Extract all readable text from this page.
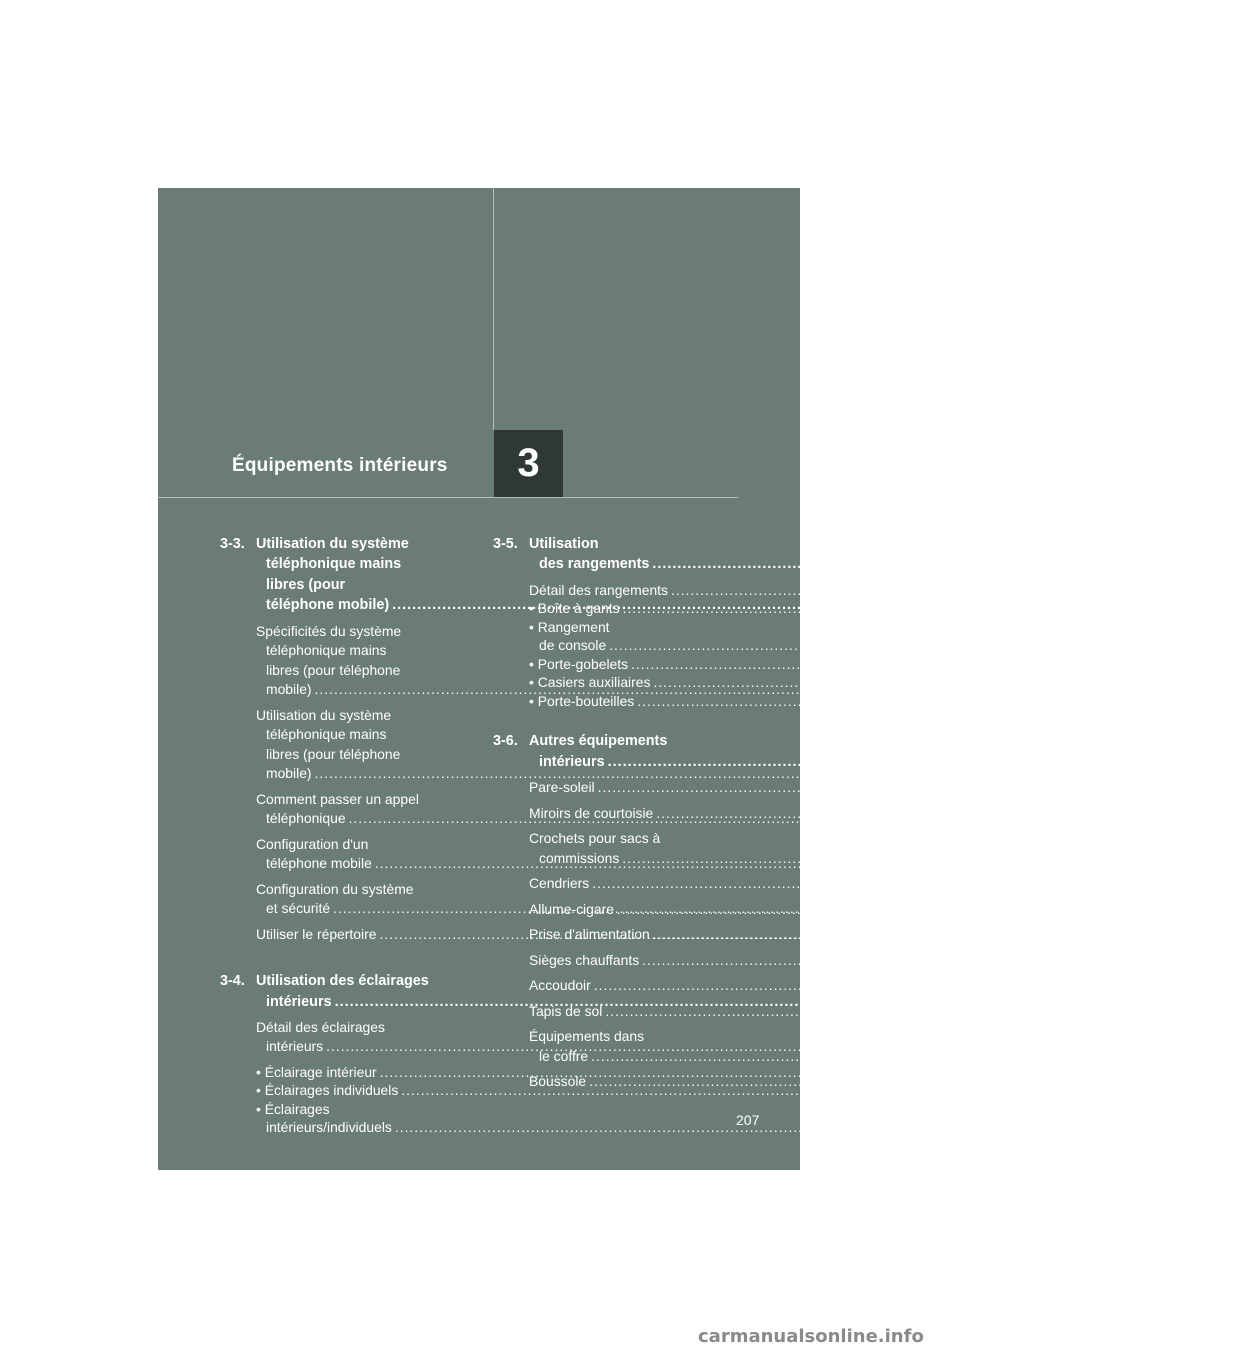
3
Équipements intérieurs
3-3. Utilisation du système
téléphonique mains
libres (pour
téléphone mobile) .....	253
Spécificités du système
téléphonique mains
libres (pour téléphone
mobile) .....	253
Utilisation du système
téléphonique mains
libres (pour téléphone
mobile) .....	256
Comment passer un appel
téléphonique .....	266
Configuration d'un
téléphone mobile .....	271
Configuration du système
et sécurité .....	276
Utiliser le répertoire .....	280
3-4. Utilisation des éclairages
intérieurs .....	288
Détail des éclairages
intérieurs .....	288
• Éclairage intérieur .....	290
• Éclairages individuels .....	290
• Éclairages
intérieurs/individuels .....	291
3-5. Utilisation
des rangements .....	292
Détail des rangements .....	292
• Boîte à gants .....	293
• Rangement
de console .....	293
• Porte-gobelets .....	295
• Casiers auxiliaires .....	297
• Porte-bouteilles .....	299
3-6. Autres équipements
intérieurs .....	300
Pare-soleil .....	300
Miroirs de courtoisie .....	301
Crochets pour sacs à
commissions .....	302
Cendriers .....	303
Allume-cigare .....	304
Prise d'alimentation .....	305
Sièges chauffants .....	307
Accoudoir .....	309
Tapis de sol .....	310
Équipements dans
le coffre .....	311
Boussole .....	312
207
carmanualsonline.info
